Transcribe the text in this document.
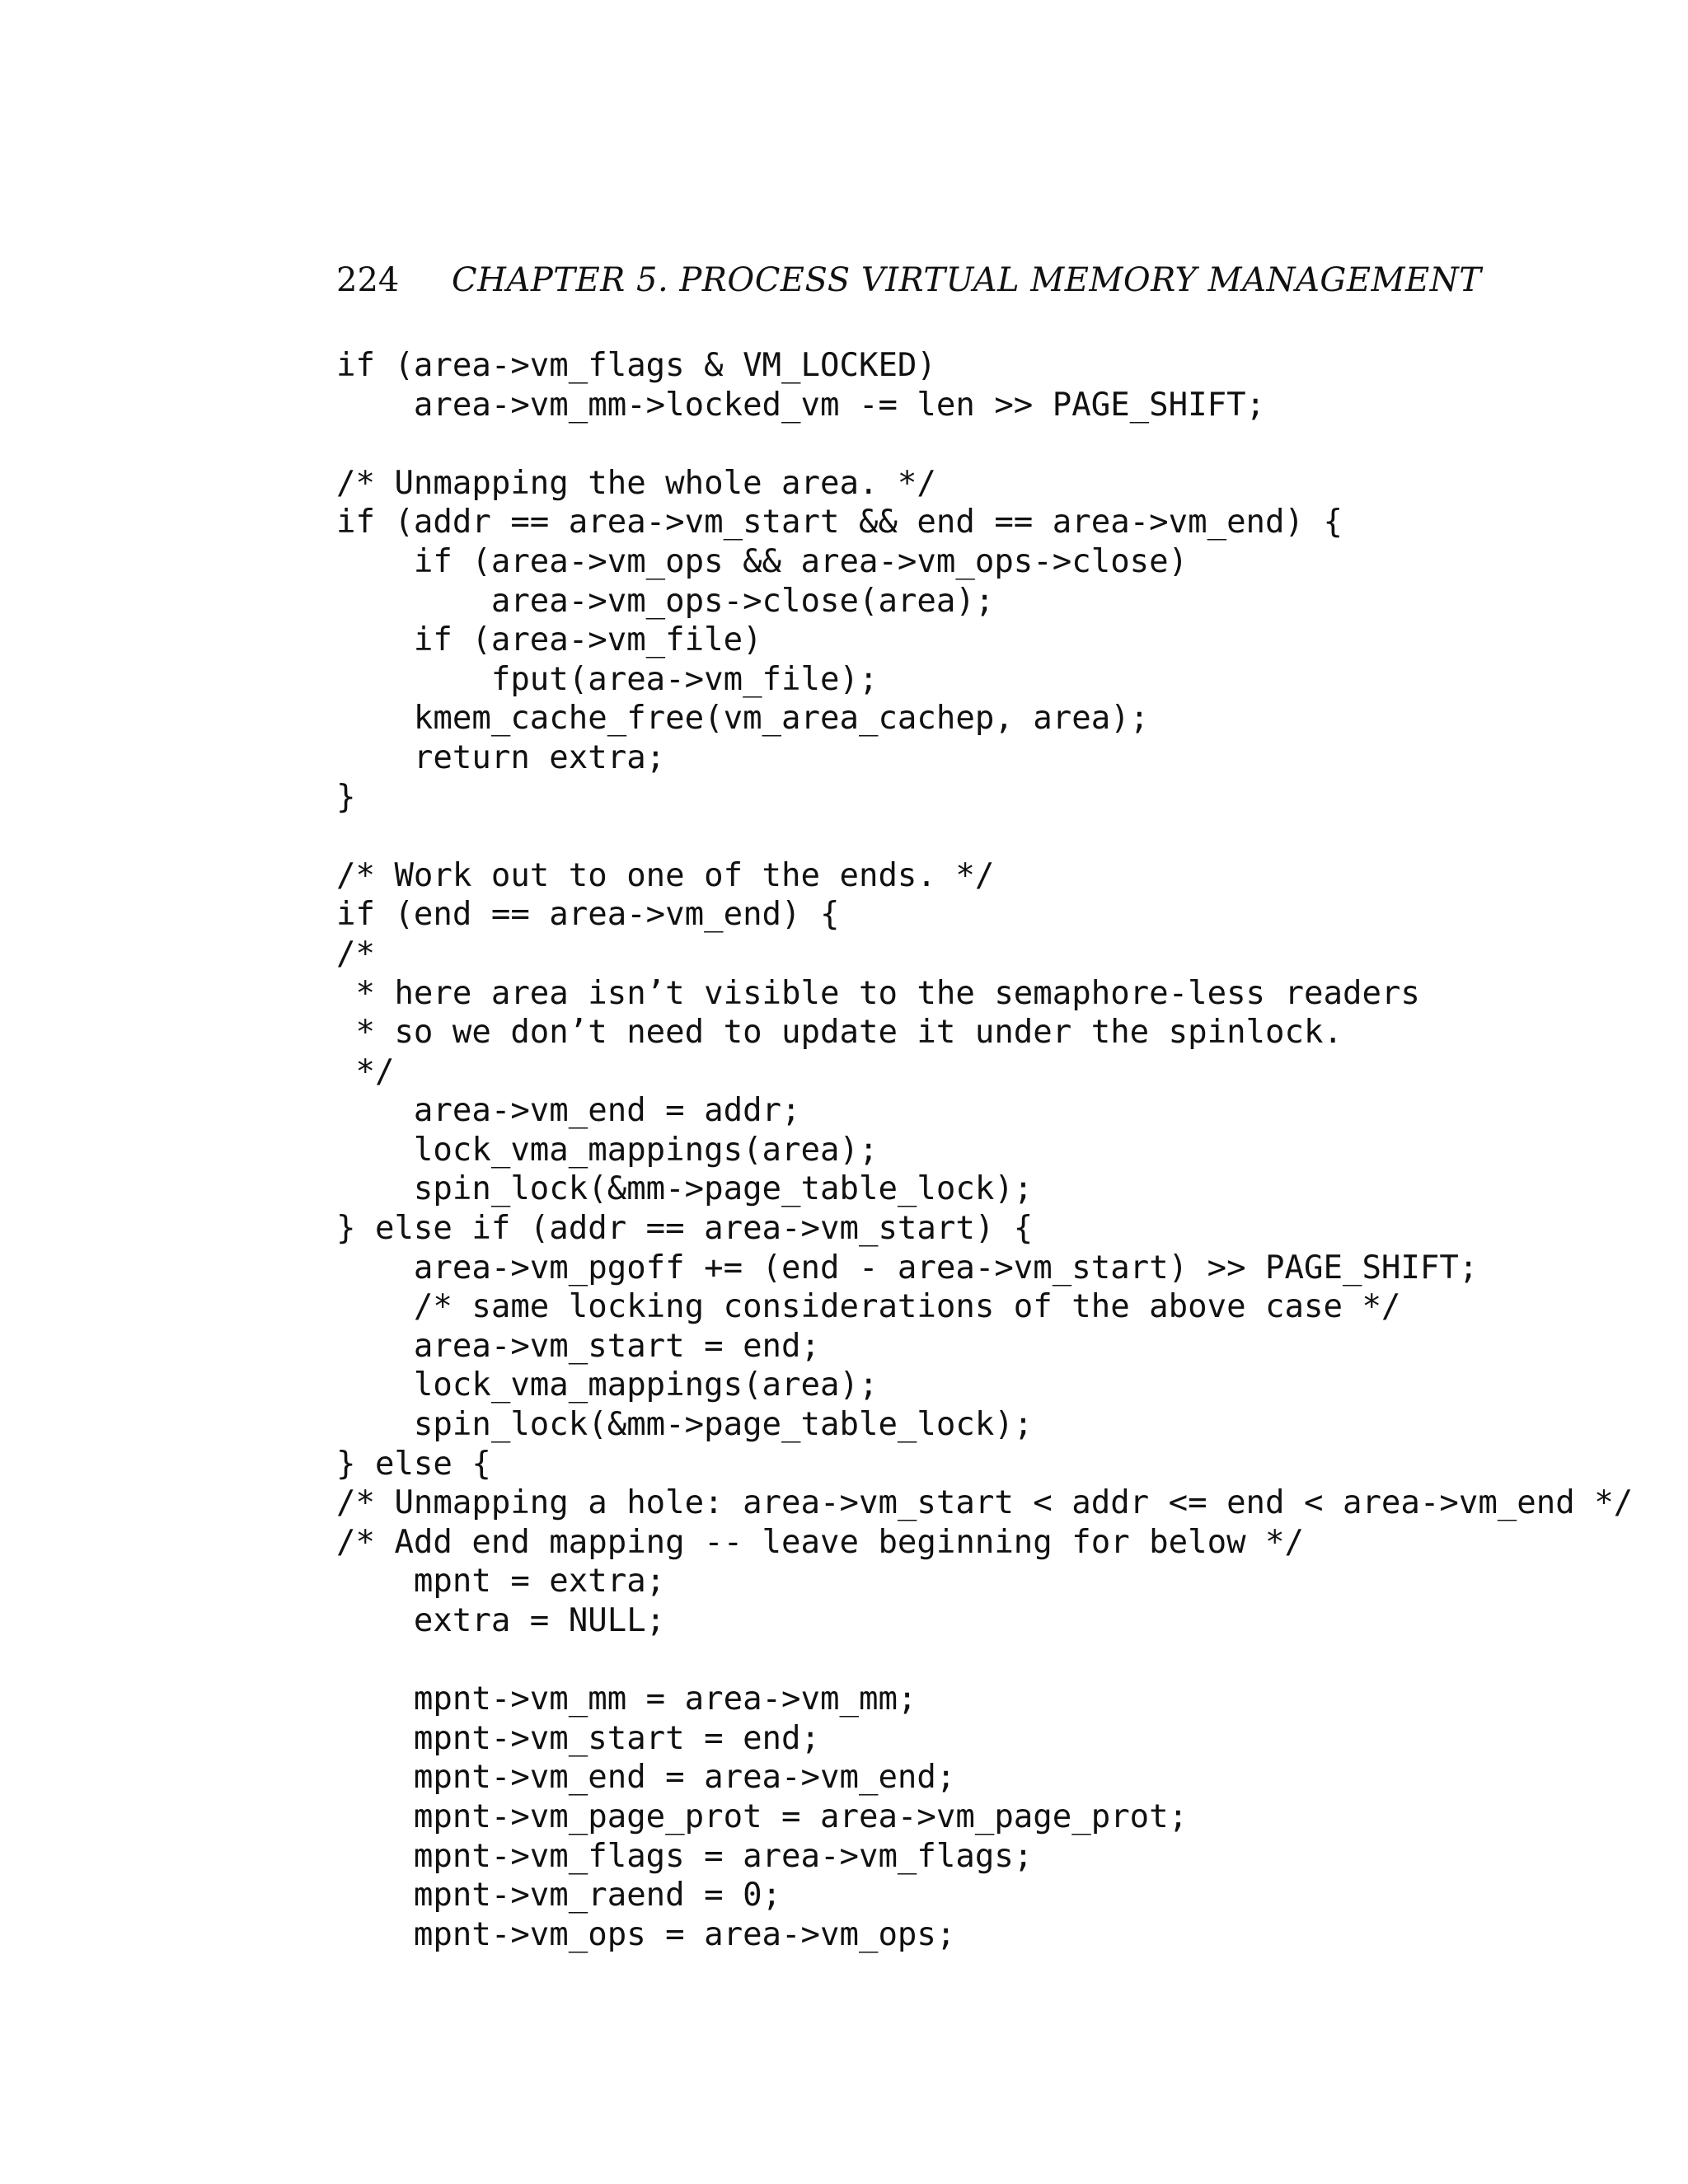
224	CHAPTER 5. PROCESS VIRTUAL MEMORY MANAGEMENT
if (area->vm_flags & VM_LOCKED)
area->vm_mm->locked_vm -= len >> PAGE_SHIFT;
/* Unmapping the whole area. */
if (addr == area->vm_start && end == area->vm_end) {
if (area->vm_ops && area->vm_ops->close)
area->vm_ops->close(area);
if (area->vm_file)
fput(area->vm_file);
kmem_cache_free(vm_area_cachep, area);
return extra;
}
/* Work out to one of the ends. */
if (end == area->vm_end) {
/*
* here area isn’t visible to the semaphore-less readers
* so we don’t need to update it under the spinlock.
*/
area->vm_end = addr;
lock_vma_mappings(area);
spin_lock(&mm->page_table_lock);
} else if (addr == area->vm_start) {
area->vm_pgoff += (end - area->vm_start) >> PAGE_SHIFT;
/* same locking considerations of the above case */
area->vm_start = end;
lock_vma_mappings(area);
spin_lock(&mm->page_table_lock);
} else {
/* Unmapping a hole: area->vm_start < addr <= end < area->vm_end */
/* Add end mapping -- leave beginning for below */
mpnt = extra;
extra = NULL;
mpnt->vm_mm = area->vm_mm;
mpnt->vm_start = end;
mpnt->vm_end = area->vm_end;
mpnt->vm_page_prot = area->vm_page_prot;
mpnt->vm_flags = area->vm_flags;
mpnt->vm_raend = 0;
mpnt->vm_ops = area->vm_ops;
